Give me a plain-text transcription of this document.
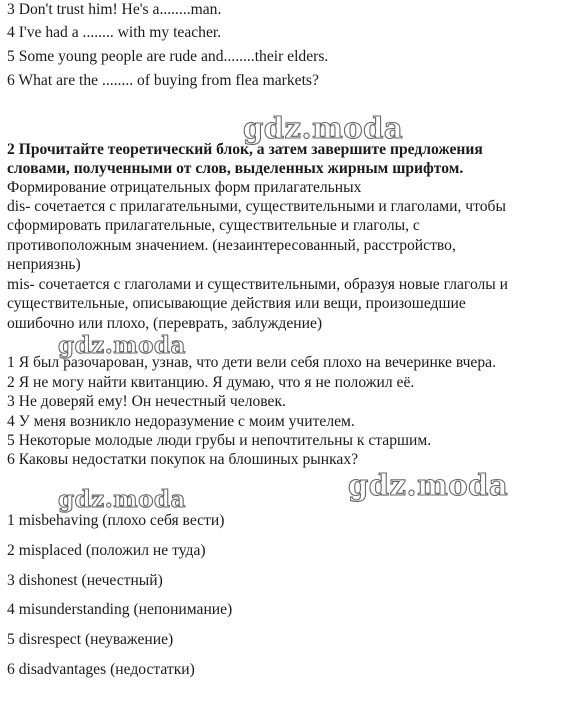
3 Don't trust him! He's a........man.
4 I've had a ........ with my teacher.
5 Some young people are rude and........their elders.
6 What are the ........ of buying from flea markets?
gdz.moda
2 Прочитайте теоретический блок, а затем завершите предложения
словами, полученными от слов, выделенных жирным шрифтом.
Формирование отрицательных форм прилагательных
dis- сочетается с прилагательными, существительными и глаголами, чтобы
сформировать прилагательные, существительные и глаголы, с
противоположным значением. (незаинтересованный, расстройство,
неприязнь)
mis- сочетается с глаголами и существительными, образуя новые глаголы и
существительные, описывающие действия или вещи, произошедшие
ошибочно или плохо, (переврать, заблуждение)
gdz.moda
1 Я был разочарован, узнав, что дети вели себя плохо на вечеринке вчера.
2 Я не могу найти квитанцию. Я думаю, что я не положил её.
3 Не доверяй ему! Он нечестный человек.
4 У меня возникло недоразумение с моим учителем.
5 Некоторые молодые люди грубы и непочтительны к старшим.
6 Каковы недостатки покупок на блошиных рынках?
gdz.moda
gdz.moda
1 misbehaving (плохо себя вести)
2 misplaced (положил не туда)
3 dishonest (нечестный)
4 misunderstanding (непонимание)
5 disrespect (неуважение)
6 disadvantages (недостатки)
